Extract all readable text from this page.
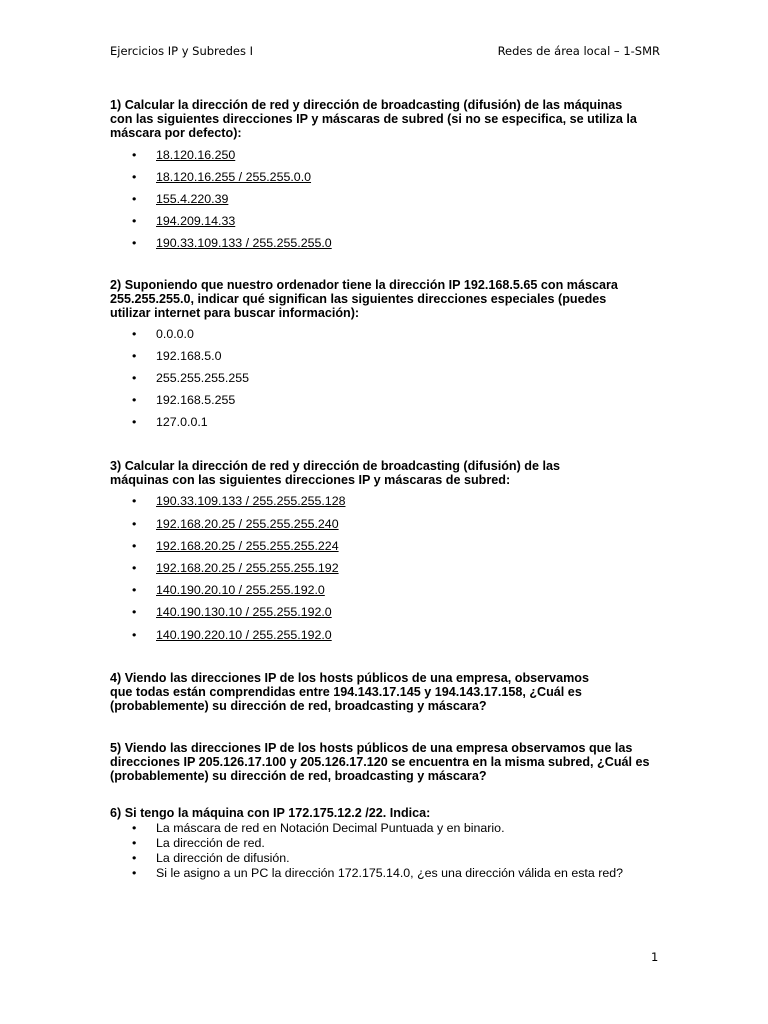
Ejercicios IP y Subredes I	Redes de área local – 1-SMR
1) Calcular la dirección de red y dirección de broadcasting (difusión) de las máquinas con las siguientes direcciones IP y máscaras de subred (si no se especifica, se utiliza la máscara por defecto):
• 18.120.16.250
• 18.120.16.255 / 255.255.0.0
• 155.4.220.39
• 194.209.14.33
• 190.33.109.133 / 255.255.255.0
2) Suponiendo que nuestro ordenador tiene la dirección IP 192.168.5.65 con máscara 255.255.255.0, indicar qué significan las siguientes direcciones especiales (puedes utilizar internet para buscar información):
• 0.0.0.0
• 192.168.5.0
• 255.255.255.255
• 192.168.5.255
• 127.0.0.1
3) Calcular la dirección de red y dirección de broadcasting (difusión) de las máquinas con las siguientes direcciones IP y máscaras de subred:
• 190.33.109.133 / 255.255.255.128
• 192.168.20.25 / 255.255.255.240
• 192.168.20.25 / 255.255.255.224
• 192.168.20.25 / 255.255.255.192
• 140.190.20.10 / 255.255.192.0
• 140.190.130.10 / 255.255.192.0
• 140.190.220.10 / 255.255.192.0
4) Viendo las direcciones IP de los hosts públicos de una empresa, observamos que todas están comprendidas entre 194.143.17.145 y 194.143.17.158, ¿Cuál es (probablemente) su dirección de red, broadcasting y máscara?
5) Viendo las direcciones IP de los hosts públicos de una empresa observamos que las direcciones IP 205.126.17.100 y 205.126.17.120 se encuentra en la misma subred, ¿Cuál es (probablemente) su dirección de red, broadcasting y máscara?
6) Si tengo la máquina con IP 172.175.12.2 /22. Indica:
• La máscara de red en Notación Decimal Puntuada y en binario.
• La dirección de red.
• La dirección de difusión.
• Si le asigno a un PC la dirección 172.175.14.0, ¿es una dirección válida en esta red?
1
